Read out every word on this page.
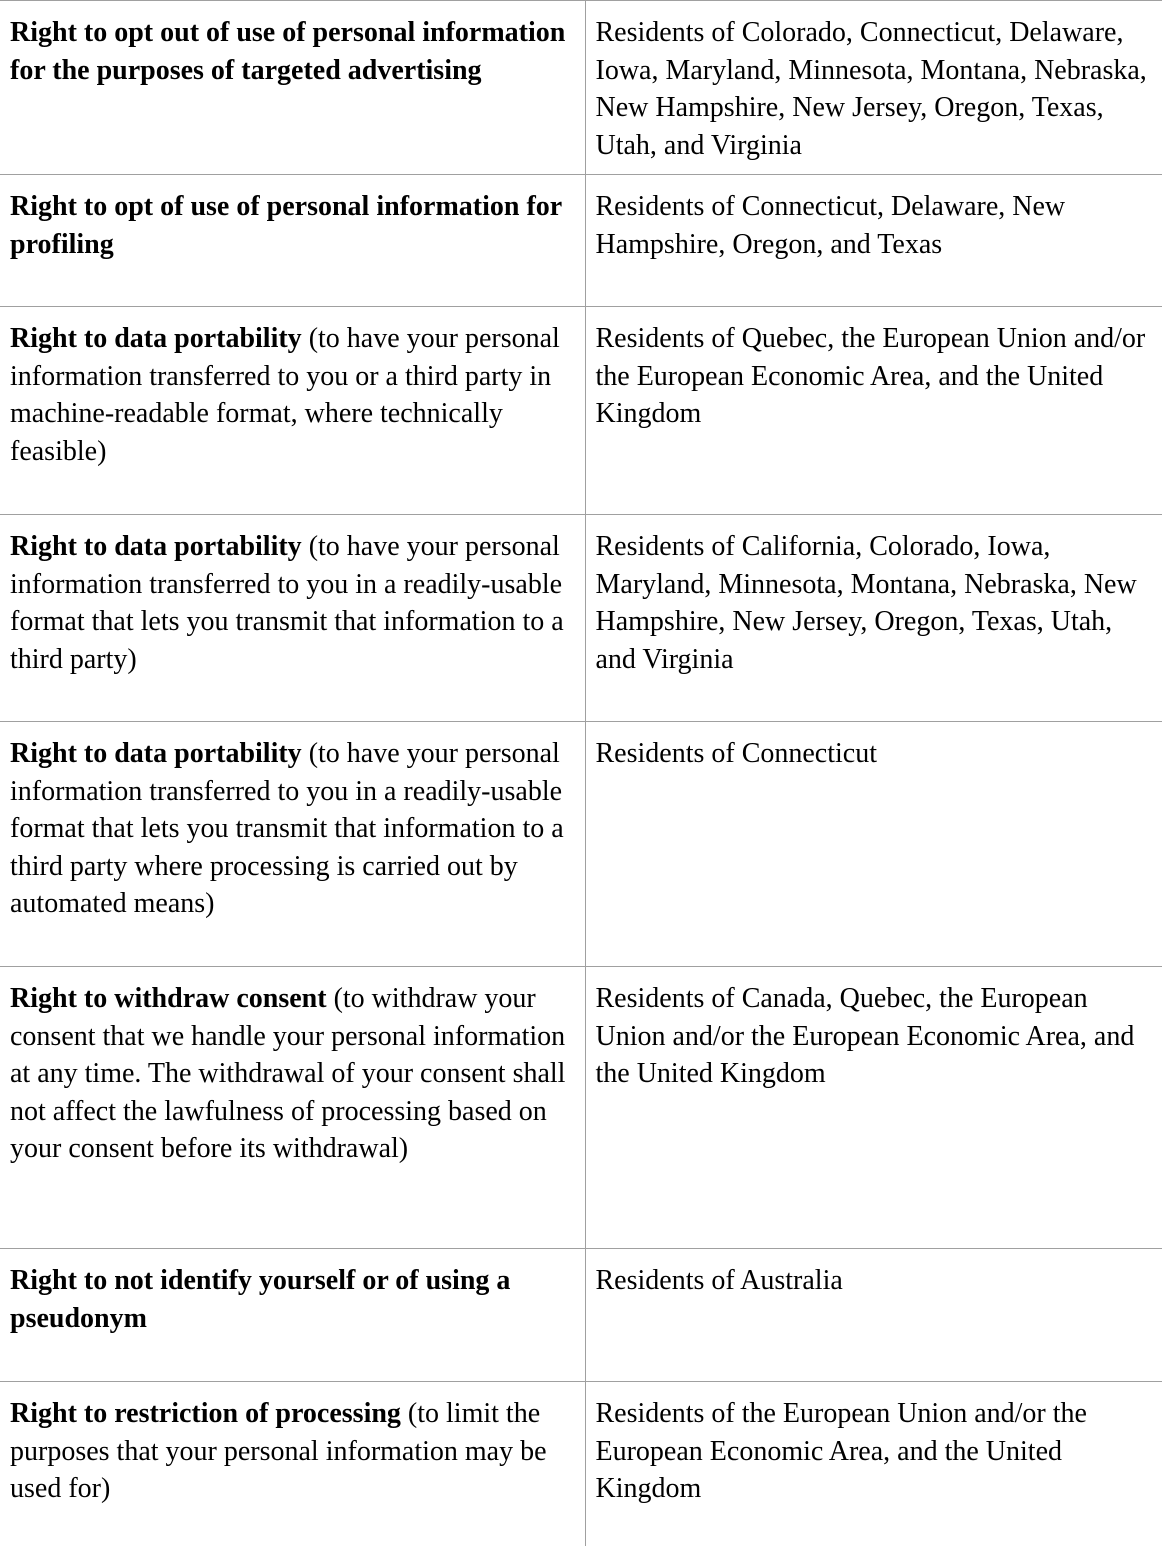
Right to opt out of use of personal information for the purposes of targeted advertising	Residents of Colorado, Connecticut, Delaware, Iowa, Maryland, Minnesota, Montana, Nebraska, New Hampshire, New Jersey, Oregon, Texas, Utah, and Virginia
Right to opt of use of personal information for profiling	Residents of Connecticut, Delaware, New Hampshire, Oregon, and Texas
Right to data portability (to have your personal information transferred to you or a third party in machine-readable format, where technically feasible)	Residents of Quebec, the European Union and/or the European Economic Area, and the United Kingdom
Right to data portability (to have your personal information transferred to you in a readily-usable format that lets you transmit that information to a third party)	Residents of California, Colorado, Iowa, Maryland, Minnesota, Montana, Nebraska, New Hampshire, New Jersey, Oregon, Texas, Utah, and Virginia
Right to data portability (to have your personal information transferred to you in a readily-usable format that lets you transmit that information to a third party where processing is carried out by automated means)	Residents of Connecticut
Right to withdraw consent (to withdraw your consent that we handle your personal information at any time. The withdrawal of your consent shall not affect the lawfulness of processing based on your consent before its withdrawal)	Residents of Canada, Quebec, the European Union and/or the European Economic Area, and the United Kingdom
Right to not identify yourself or of using a pseudonym	Residents of Australia
Right to restriction of processing (to limit the purposes that your personal information may be used for)	Residents of the European Union and/or the European Economic Area, and the United Kingdom
